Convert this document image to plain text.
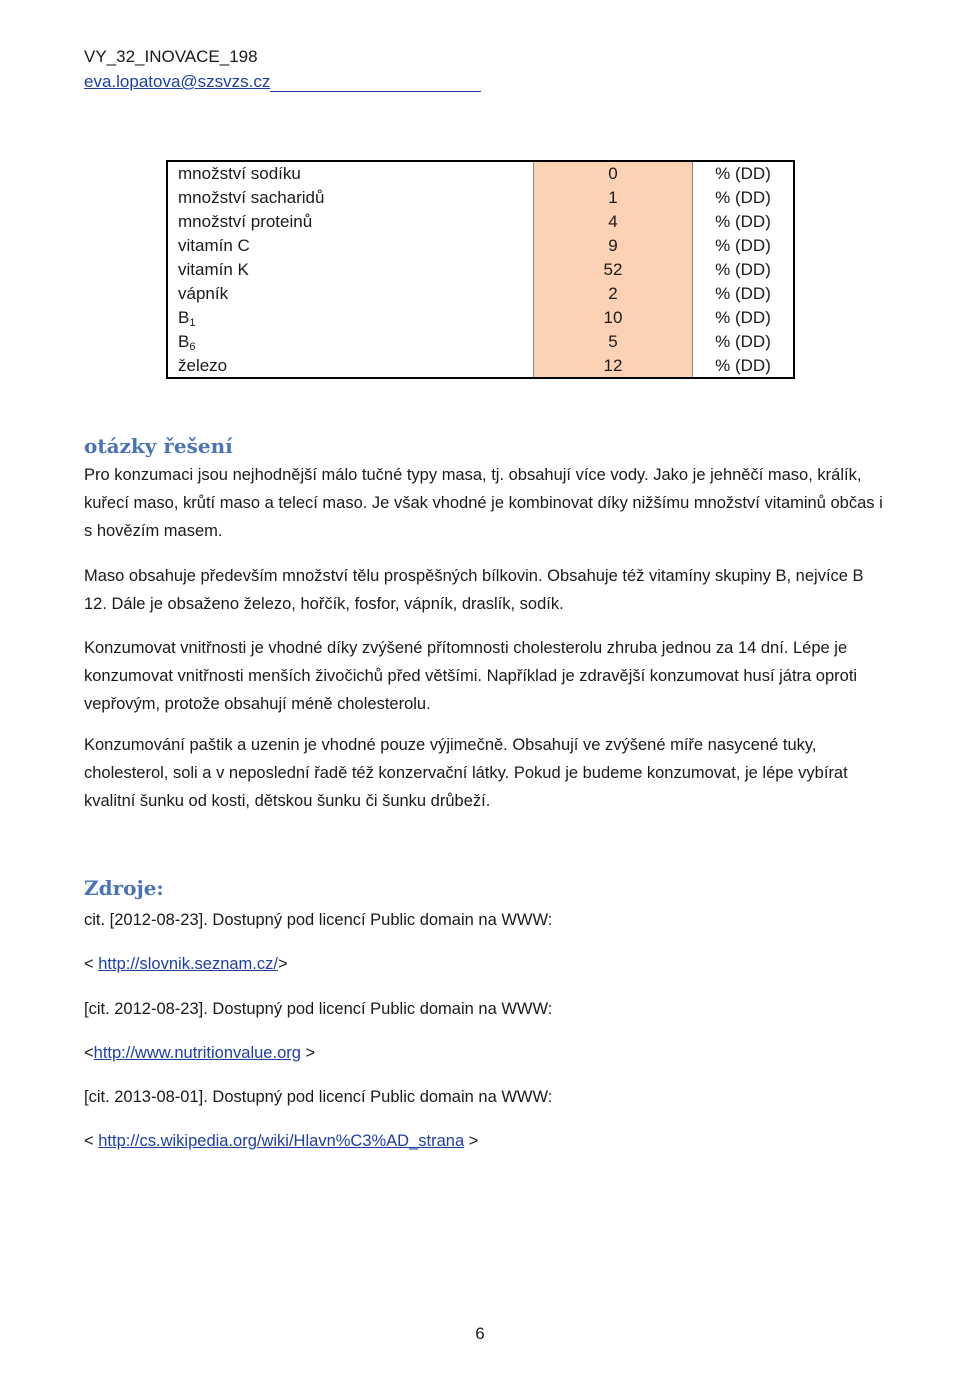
VY_32_INOVACE_198
eva.lopatova@szsvzs.cz
množství sodíku	0	% (DD)
množství sacharidů	1	% (DD)
množství proteinů	4	% (DD)
vitamín C	9	% (DD)
vitamín K	52	% (DD)
vápník	2	% (DD)
$B_1$	10	% (DD)
$B_6$	5	% (DD)
železo	12	% (DD)
otázky řešení

Pro konzumaci jsou nejhodnější málo tučné typy masa, tj. obsahují více vody. Jako je jehněčí maso, králík, kuřecí maso, krůtí maso a telecí maso. Je však vhodné je kombinovat díky nižšímu množství vitaminů občas i s hovězím masem.

Maso obsahuje především množství tělu prospěšných bílkovin. Obsahuje též vitamíny skupiny B, nejvíce B 12. Dále je obsaženo železo, hořčík, fosfor, vápník, draslík, sodík.

Konzumovat vnitřnosti je vhodné díky zvýšené přítomnosti cholesterolu zhruba jednou za 14 dní. Lépe je konzumovat vnitřnosti menších živočichů před většími. Například je zdravější konzumovat husí játra oproti vepřovým, protože obsahují méně cholesterolu.

Konzumování paštik a uzenin je vhodné pouze výjimečně. Obsahují ve zvýšené míře nasycené tuky, cholesterol, soli a v neposlední řadě též konzervační látky. Pokud je budeme konzumovat, je lépe vybírat kvalitní šunku od kosti, dětskou šunku či šunku drůbeží.

Zdroje:

cit. [2012-08-23]. Dostupný pod licencí Public domain na WWW:

< http://slovnik.seznam.cz/>

[cit. 2012-08-23]. Dostupný pod licencí Public domain na WWW:

<http://www.nutritionvalue.org >

[cit. 2013-08-01]. Dostupný pod licencí Public domain na WWW:

< http://cs.wikipedia.org/wiki/Hlavn%C3%AD_strana >

6
